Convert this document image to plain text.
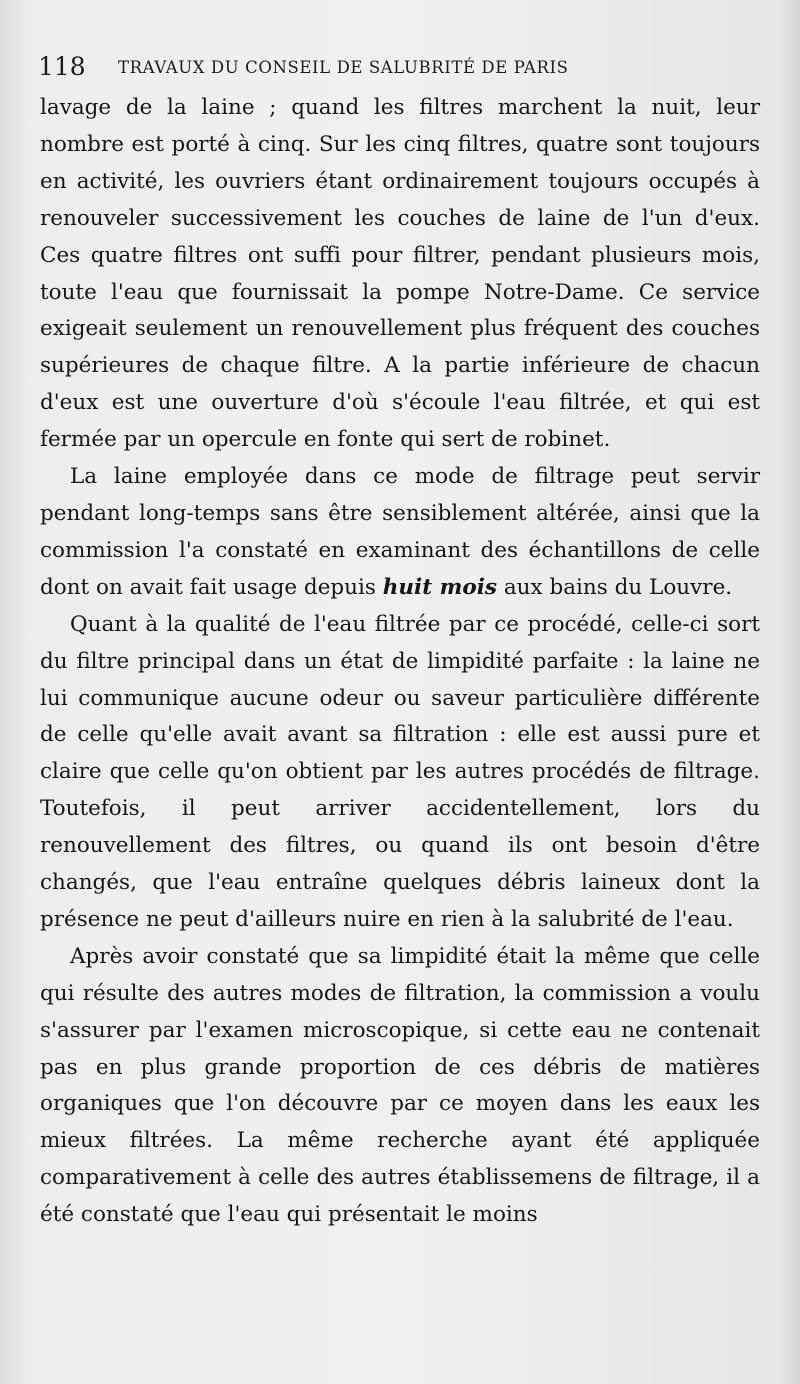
118 TRAVAUX DU CONSEIL DE SALUBRITÉ DE PARIS

lavage de la laine ; quand les filtres marchent la nuit, leur nombre est porté à cinq. Sur les cinq filtres, quatre sont toujours en activité, les ouvriers étant ordinairement toujours occupés à renouveler successivement les couches de laine de l'un d'eux. Ces quatre filtres ont suffi pour filtrer, pendant plusieurs mois, toute l'eau que fournissait la pompe Notre-Dame. Ce service exigeait seulement un renouvellement plus fréquent des couches supérieures de chaque filtre. A la partie inférieure de chacun d'eux est une ouverture d'où s'écoule l'eau filtrée, et qui est fermée par un opercule en fonte qui sert de robinet.

La laine employée dans ce mode de filtrage peut servir pendant long-temps sans être sensiblement altérée, ainsi que la commission l'a constaté en examinant des échantillons de celle dont on avait fait usage depuis huit mois aux bains du Louvre.

Quant à la qualité de l'eau filtrée par ce procédé, celle-ci sort du filtre principal dans un état de limpidité parfaite : la laine ne lui communique aucune odeur ou saveur particulière différente de celle qu'elle avait avant sa filtration : elle est aussi pure et claire que celle qu'on obtient par les autres procédés de filtrage. Toutefois, il peut arriver accidentellement, lors du renouvellement des filtres, ou quand ils ont besoin d'être changés, que l'eau entraîne quelques débris laineux dont la présence ne peut d'ailleurs nuire en rien à la salubrité de l'eau.

Après avoir constaté que sa limpidité était la même que celle qui résulte des autres modes de filtration, la commission a voulu s'assurer par l'examen microscopique, si cette eau ne contenait pas en plus grande proportion de ces débris de matières organiques que l'on découvre par ce moyen dans les eaux les mieux filtrées. La même recherche ayant été appliquée comparativement à celle des autres établissemens de filtrage, il a été constaté que l'eau qui présentait le moins
